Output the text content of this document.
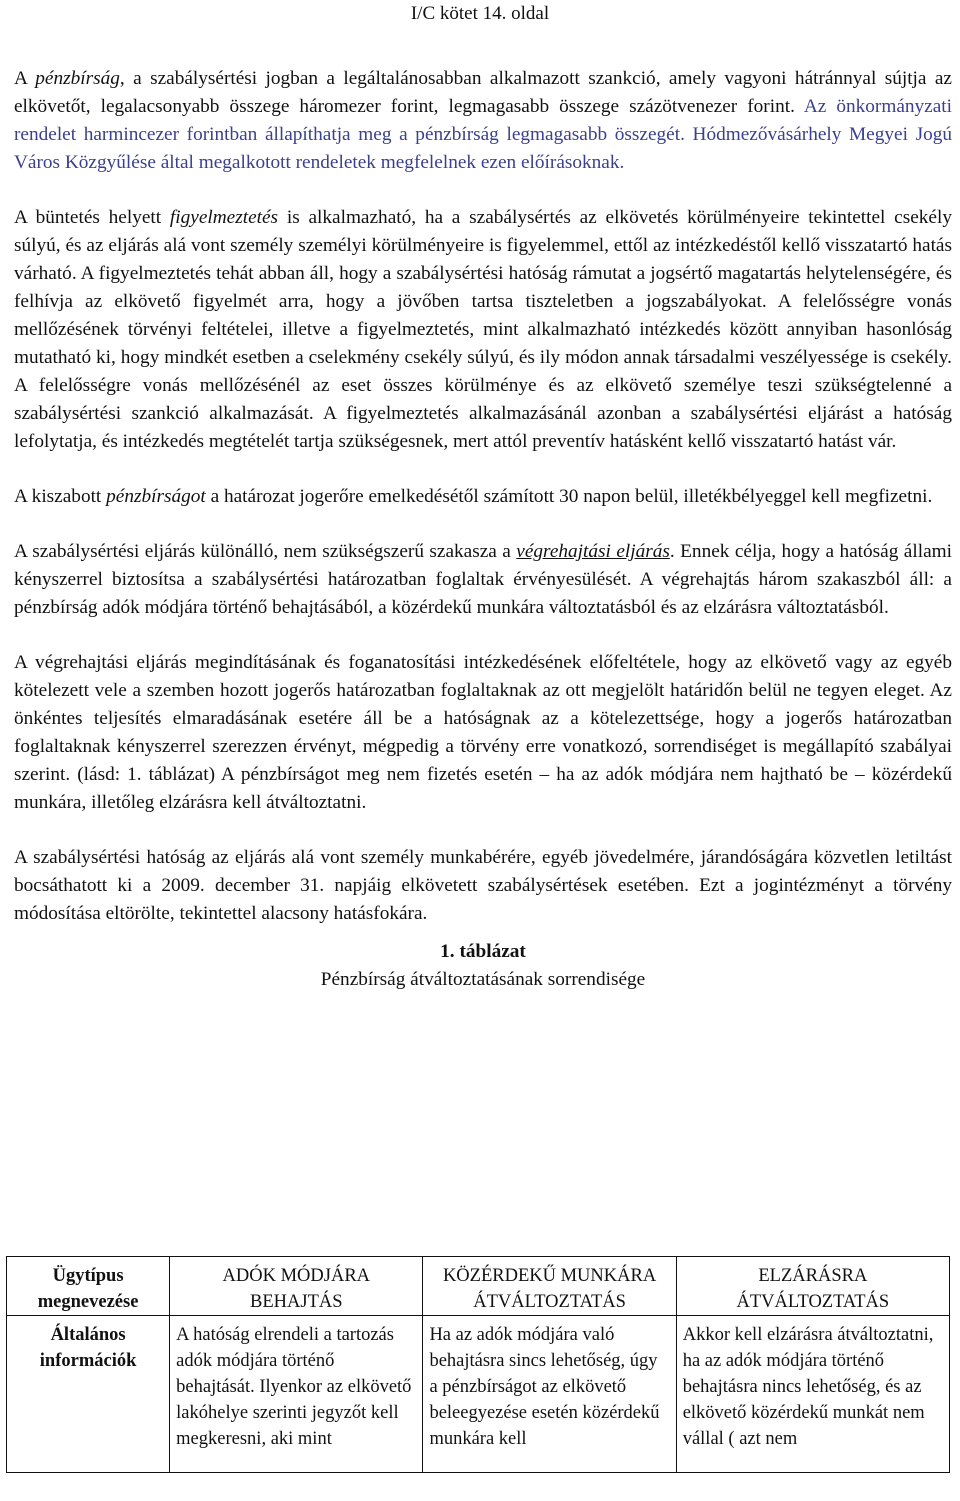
I/C kötet 14. oldal

A pénzbírság, a szabálysértési jogban a legáltalánosabban alkalmazott szankció, amely vagyoni hátránnyal sújtja az elkövetőt, legalacsonyabb összege háromezer forint, legmagasabb összege százötvenezer forint. Az önkormányzati rendelet harmincezer forintban állapíthatja meg a pénzbírság legmagasabb összegét. Hódmezővásárhely Megyei Jogú Város Közgyűlése által megalkotott rendeletek megfelelnek ezen előírásoknak.

A büntetés helyett figyelmeztetés is alkalmazható, ha a szabálysértés az elkövetés körülményeire tekintettel csekély súlyú, és az eljárás alá vont személy személyi körülményeire is figyelemmel, ettől az intézkedéstől kellő visszatartó hatás várható. A figyelmeztetés tehát abban áll, hogy a szabálysértési hatóság rámutat a jogsértő magatartás helytelenségére, és felhívja az elkövető figyelmét arra, hogy a jövőben tartsa tiszteletben a jogszabályokat. A felelősségre vonás mellőzésének törvényi feltételei, illetve a figyelmeztetés, mint alkalmazható intézkedés között annyiban hasonlóság mutatható ki, hogy mindkét esetben a cselekmény csekély súlyú, és ily módon annak társadalmi veszélyessége is csekély. A felelősségre vonás mellőzésénél az eset összes körülménye és az elkövető személye teszi szükségtelenné a szabálysértési szankció alkalmazását. A figyelmeztetés alkalmazásánál azonban a szabálysértési eljárást a hatóság lefolytatja, és intézkedés megtételét tartja szükségesnek, mert attól preventív hatásként kellő visszatartó hatást vár.

A kiszabott pénzbírságot a határozat jogerőre emelkedésétől számított 30 napon belül, illetékbélyeggel kell megfizetni.

A szabálysértési eljárás különálló, nem szükségszerű szakasza a végrehajtási eljárás. Ennek célja, hogy a hatóság állami kényszerrel biztosítsa a szabálysértési határozatban foglaltak érvényesülését. A végrehajtás három szakaszból áll: a pénzbírság adók módjára történő behajtásából, a közérdekű munkára változtatásból és az elzárásra változtatásból.

A végrehajtási eljárás megindításának és foganatosítási intézkedésének előfeltétele, hogy az elkövető vagy az egyéb kötelezett vele a szemben hozott jogerős határozatban foglaltaknak az ott megjelölt határidőn belül ne tegyen eleget. Az önkéntes teljesítés elmaradásának esetére áll be a hatóságnak az a kötelezettsége, hogy a jogerős határozatban foglaltaknak kényszerrel szerezzen érvényt, mégpedig a törvény erre vonatkozó, sorrendiséget is megállapító szabályai szerint. (lásd: 1. táblázat) A pénzbírságot meg nem fizetés esetén – ha az adók módjára nem hajtható be – közérdekű munkára, illetőleg elzárásra kell átváltoztatni.

A szabálysértési hatóság az eljárás alá vont személy munkabérére, egyéb jövedelmére, járandóságára közvetlen letiltást bocsáthatott ki a 2009. december 31. napjáig elkövetett szabálysértések esetében. Ezt a jogintézményt a törvény módosítása eltörölte, tekintettel alacsony hatásfokára.

1. táblázat

Pénzbírság átváltoztatásának sorrendisége

Ügytípus megnevezése	ADÓK MÓDJÁRA BEHAJTÁS	KÖZÉRDEKŰ MUNKÁRA ÁTVÁLTOZTATÁS	ELZÁRÁSRA ÁTVÁLTOZTATÁS
Általános információk	A hatóság elrendeli a tartozás adók módjára történő behajtását. Ilyenkor az elkövető lakóhelye szerinti jegyzőt kell megkeresni, aki mint	Ha az adók módjára való behajtásra sincs lehetőség, úgy a pénzbírságot az elkövető beleegyezése esetén közérdekű munkára kell	Akkor kell elzárásra átváltoztatni, ha az adók módjára történő behajtásra nincs lehetőség, és az elkövető közérdekű munkát nem vállal ( azt nem
